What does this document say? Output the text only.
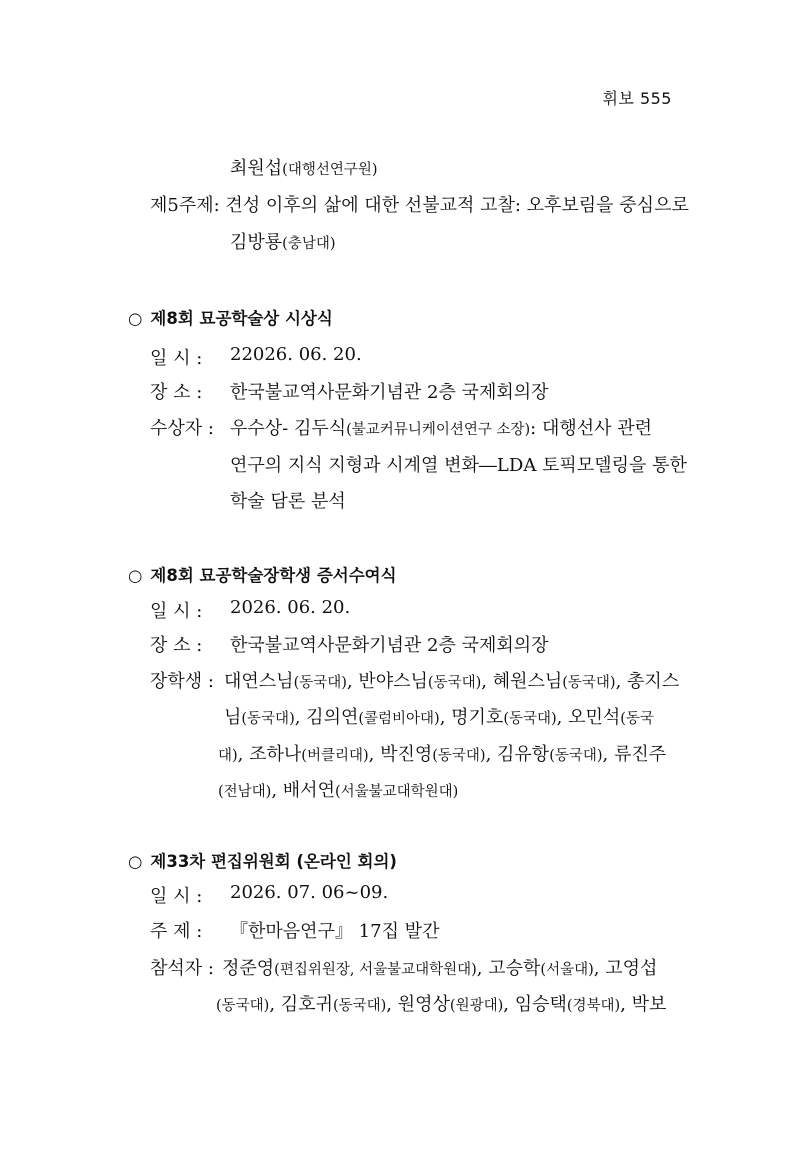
휘보 555
최원섭(대행선연구원)
제5주제: 견성 이후의 삶에 대한 선불교적 고찰: 오후보림을 중심으로
김방룡(충남대)
○ 제8회 묘공학술상 시상식
일 시 : 22026. 06. 20.
장 소 : 한국불교역사문화기념관 2층 국제회의장
수상자 : 우수상- 김두식(불교커뮤니케이션연구 소장): 대행선사 관련
연구의 지식 지형과 시계열 변화―LDA 토픽모델링을 통한
학술 담론 분석
○ 제8회 묘공학술장학생 증서수여식
일 시 : 2026. 06. 20.
장 소 : 한국불교역사문화기념관 2층 국제회의장
장학생 : 대연스님(동국대), 반야스님(동국대), 혜원스님(동국대), 총지스
님(동국대), 김의연(콜럼비아대), 명기호(동국대), 오민석(동국
대), 조하나(버클리대), 박진영(동국대), 김유항(동국대), 류진주
(전남대), 배서연(서울불교대학원대)
○ 제33차 편집위원회 (온라인 회의)
일 시 : 2026. 07. 06~09.
주 제 : 『한마음연구』 17집 발간
참석자 : 정준영(편집위원장, 서울불교대학원대), 고승학(서울대), 고영섭
(동국대), 김호귀(동국대), 원영상(원광대), 임승택(경북대), 박보
